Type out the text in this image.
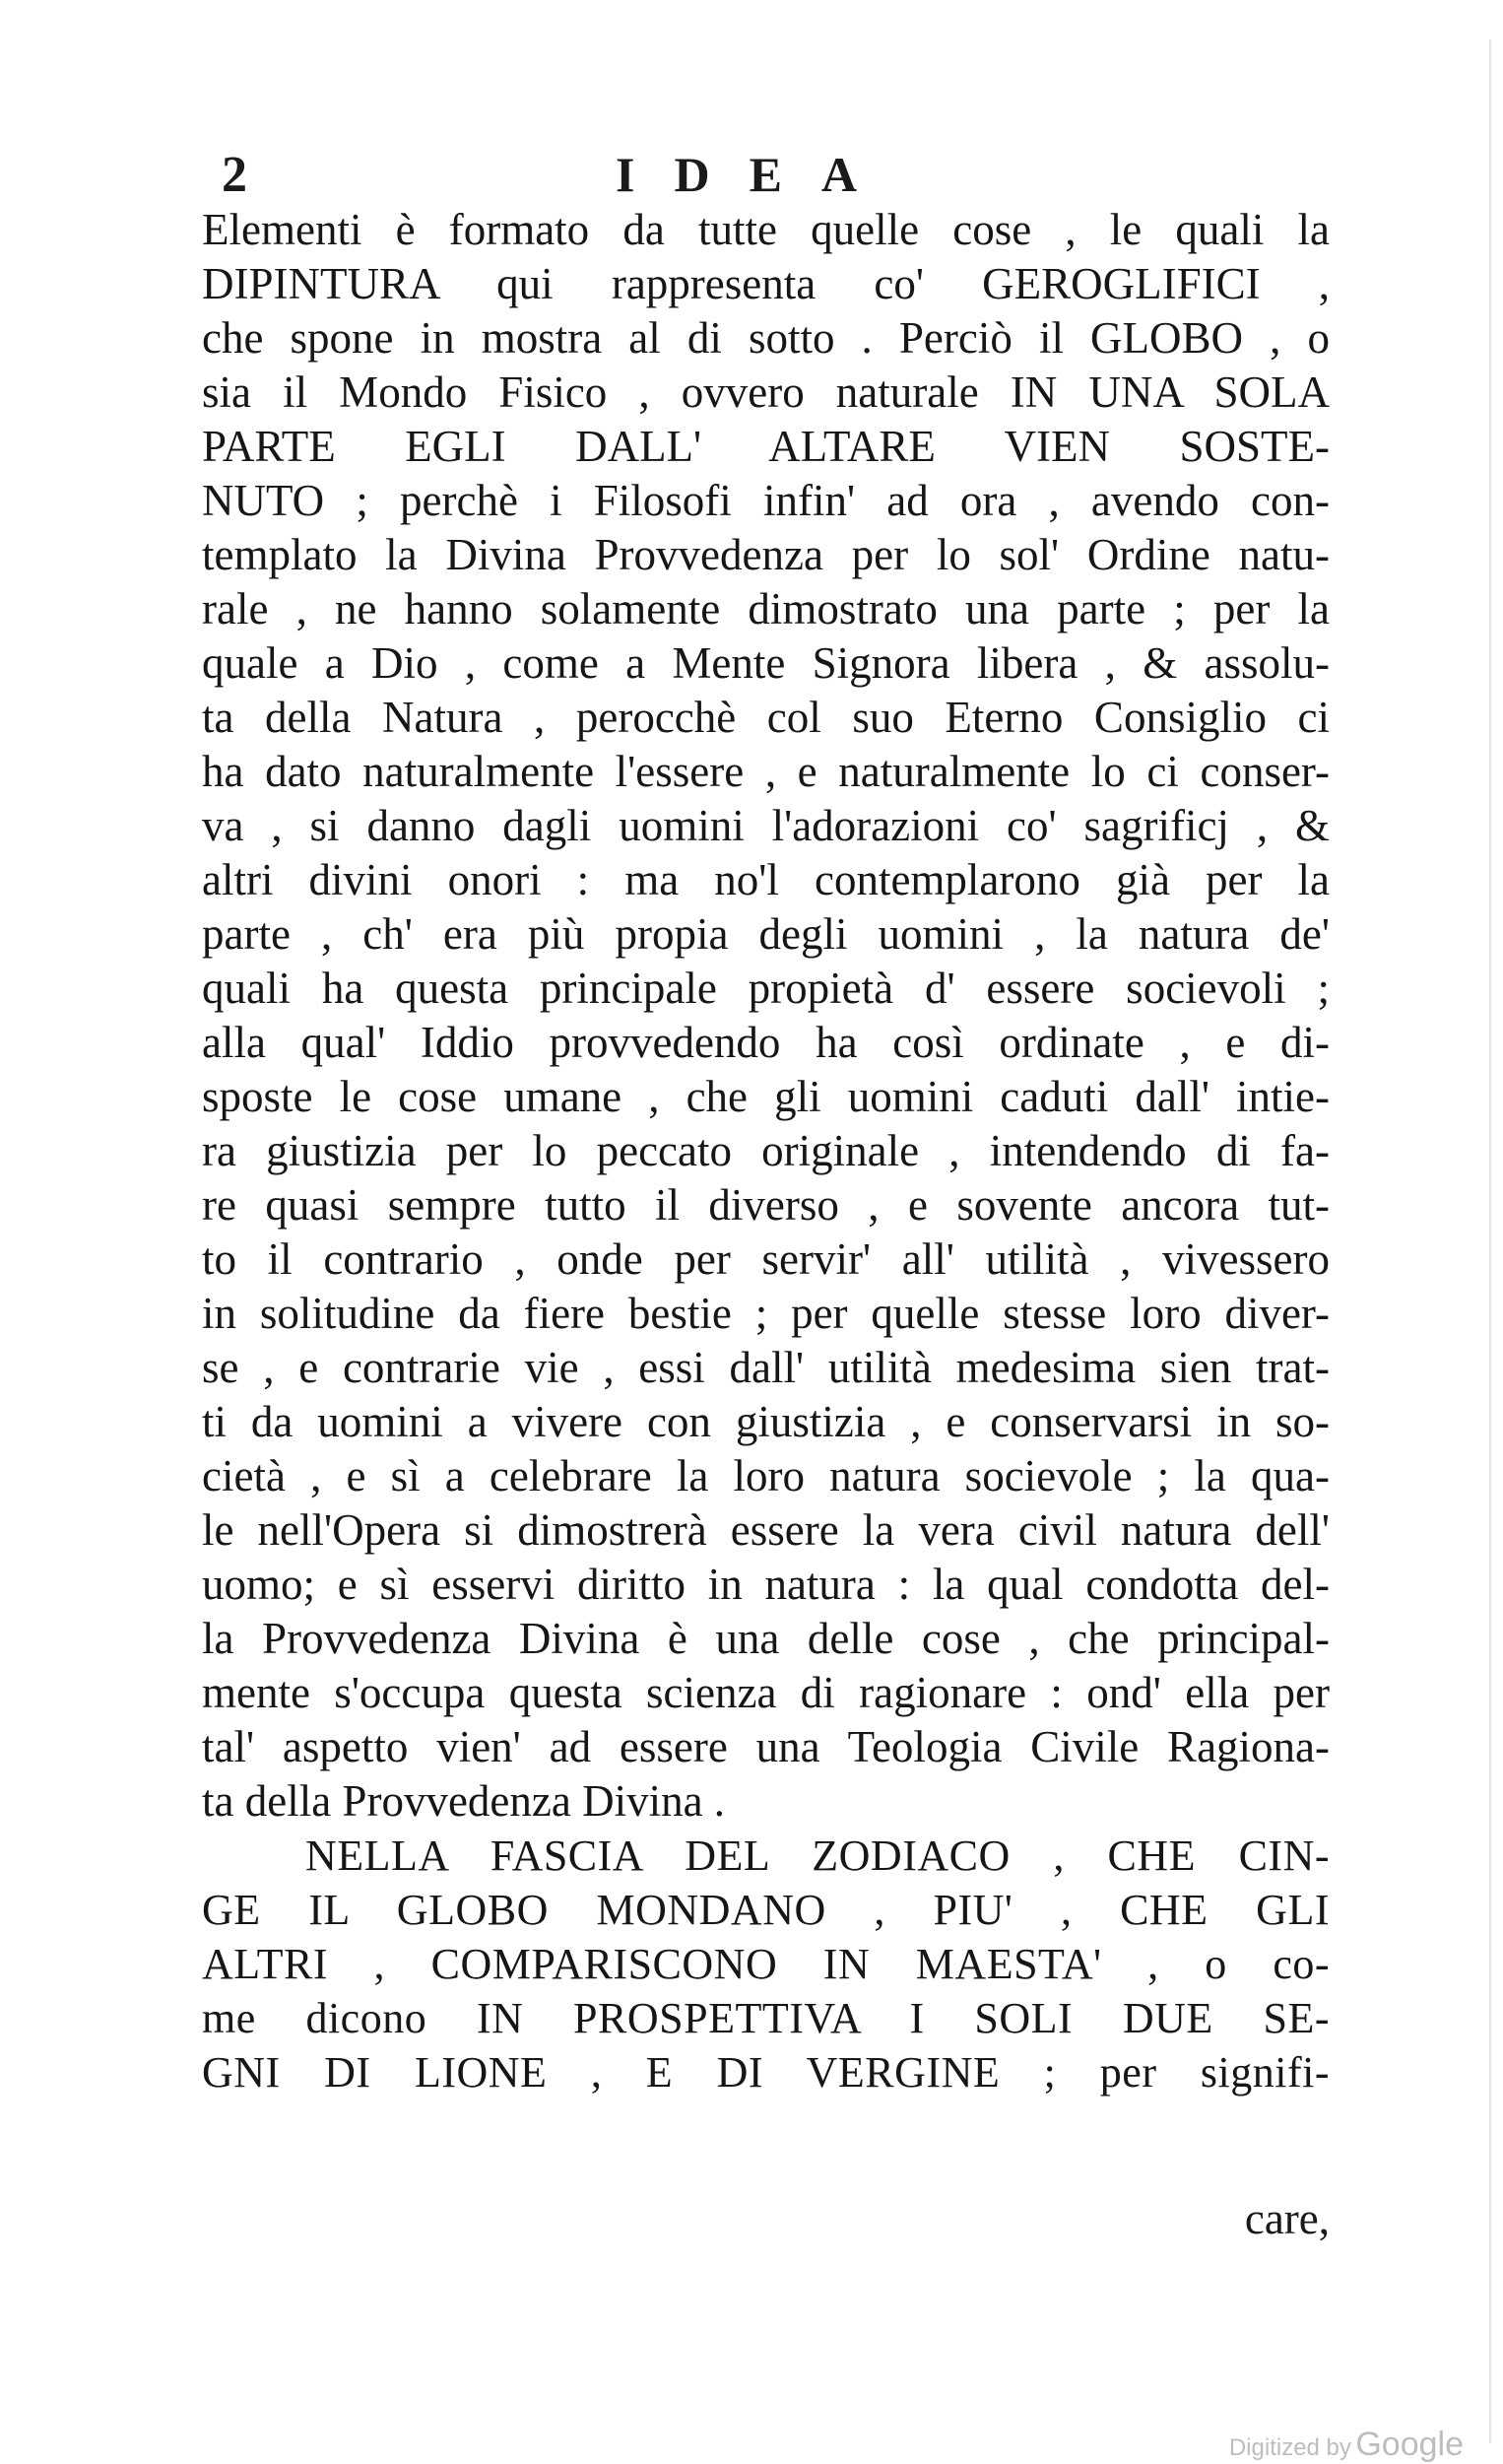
2	IDEA
Elementi è formato da tutte quelle cose , le quali la
DIPINTURA qui rappresenta co' GEROGLIFICI ,
che spone in mostra al di sotto . Perciò il GLOBO , o
sia il Mondo Fisico , ovvero naturale IN UNA SOLA
PARTE EGLI DALL' ALTARE VIEN SOSTE-
NUTO ; perchè i Filosofi infin' ad ora , avendo con-
templato la Divina Provvedenza per lo sol' Ordine natu-
rale , ne hanno solamente dimostrato una parte ; per la
quale a Dio , come a Mente Signora libera , & assolu-
ta della Natura , perocchè col suo Eterno Consiglio ci
ha dato naturalmente l'essere , e naturalmente lo ci conser-
va , si danno dagli uomini l'adorazioni co' sagrificj , &
altri divini onori : ma no'l contemplarono già per la
parte , ch' era più propia degli uomini , la natura de'
quali ha questa principale propietà d' essere socievoli ;
alla qual' Iddio provvedendo ha così ordinate , e di-
sposte le cose umane , che gli uomini caduti dall' intie-
ra giustizia per lo peccato originale , intendendo di fa-
re quasi sempre tutto il diverso , e sovente ancora tut-
to il contrario , onde per servir' all' utilità , vivessero
in solitudine da fiere bestie ; per quelle stesse loro diver-
se , e contrarie vie , essi dall' utilità medesima sien trat-
ti da uomini a vivere con giustizia , e conservarsi in so-
cietà , e sì a celebrare la loro natura socievole ; la qua-
le nell'Opera si dimostrerà essere la vera civil natura dell'
uomo; e sì esservi diritto in natura : la qual condotta del-
la Provvedenza Divina è una delle cose , che principal-
mente s'occupa questa scienza di ragionare : ond' ella per
tal' aspetto vien' ad essere una Teologia Civile Ragiona-
ta della Provvedenza Divina .
NELLA FASCIA DEL ZODIACO , CHE CIN-
GE IL GLOBO MONDANO , PIU' , CHE GLI
ALTRI , COMPARISCONO IN MAESTA' , o co-
me dicono IN PROSPETTIVA I SOLI DUE SE-
GNI DI LIONE , E DI VERGINE ; per signifi-
care,
Digitized by Google
